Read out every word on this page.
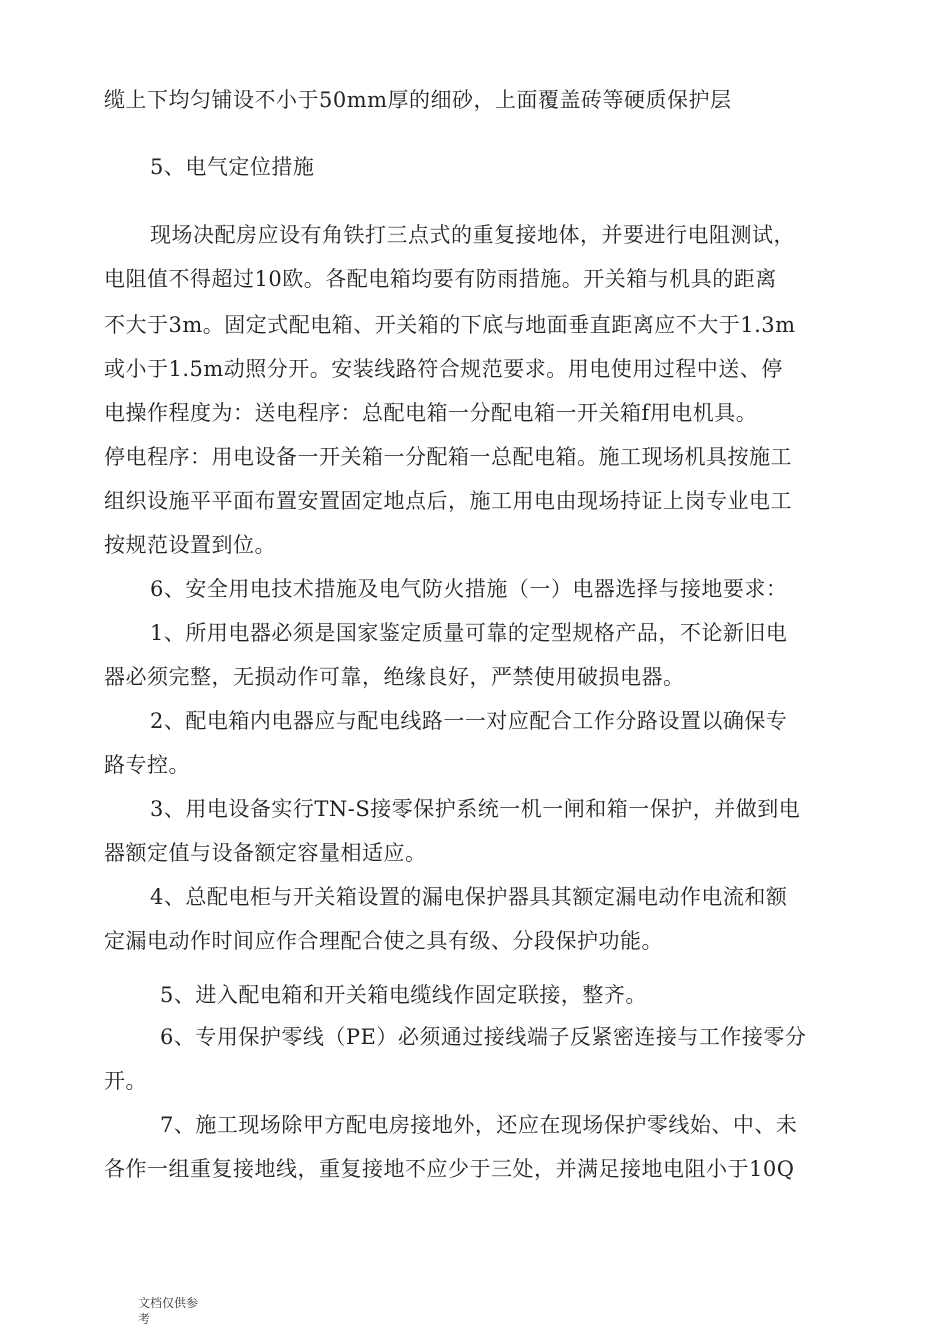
缆上下均匀铺设不小于50mm厚的细砂，上面覆盖砖等硬质保护层
5、电气定位措施
现场决配房应设有角铁打三点式的重复接地体，并要进行电阻测试，
电阻值不得超过10欧。各配电箱均要有防雨措施。开关箱与机具的距离
不大于3m。固定式配电箱、开关箱的下底与地面垂直距离应不大于1.3m
或小于1.5m动照分开。安装线路符合规范要求。用电使用过程中送、停
电操作程度为：送电程序：总配电箱一分配电箱一开关箱f用电机具。
停电程序：用电设备一开关箱一分配箱一总配电箱。施工现场机具按施工
组织设施平平面布置安置固定地点后，施工用电由现场持证上岗专业电工
按规范设置到位。
6、安全用电技术措施及电气防火措施（一）电器选择与接地要求：
1、所用电器必须是国家鉴定质量可靠的定型规格产品，不论新旧电
器必须完整，无损动作可靠，绝缘良好，严禁使用破损电器。
2、配电箱内电器应与配电线路一一对应配合工作分路设置以确保专
路专控。
3、用电设备实行TN-S接零保护系统一机一闸和箱一保护，并做到电
器额定值与设备额定容量相适应。
4、总配电柜与开关箱设置的漏电保护器具其额定漏电动作电流和额
定漏电动作时间应作合理配合使之具有级、分段保护功能。
5、进入配电箱和开关箱电缆线作固定联接，整齐。
6、专用保护零线（PE）必须通过接线端子反紧密连接与工作接零分
开。
7、施工现场除甲方配电房接地外，还应在现场保护零线始、中、未
各作一组重复接地线，重复接地不应少于三处，并满足接地电阻小于10Q
文档仅供参
考
